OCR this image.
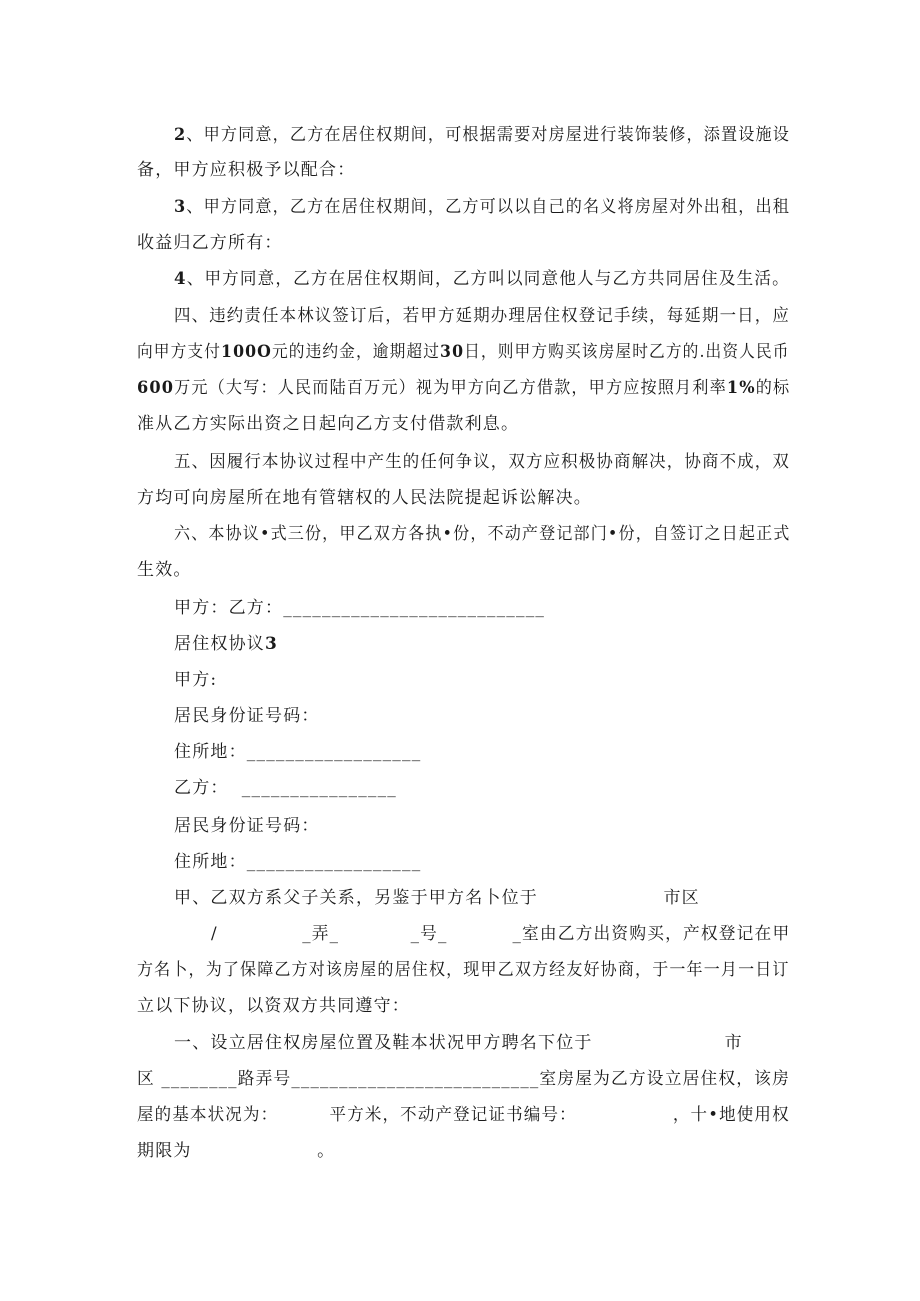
2、甲方同意，乙方在居住权期间，可根据需要对房屋进行装饰装修，添置设施设
备，甲方应积极予以配合：
3、甲方同意，乙方在居住权期间，乙方可以以自己的名义将房屋对外出租，出租
收益归乙方所有：
4、甲方同意，乙方在居住权期间，乙方叫以同意他人与乙方共同居住及生活。
四、违约责任本林议签订后，若甲方延期办理居住权登记手续，每延期一日，应
向甲方支付100O元的违约金，逾期超过30日，则甲方购买该房屋时乙方的.出资人民币
600万元（大写：人民而陆百万元）视为甲方向乙方借款，甲方应按照月利率1%的标
准从乙方实际出资之日起向乙方支付借款利息。
五、因履行本协议过程中产生的任何争议，双方应积极协商解决，协商不成，双
方均可向房屋所在地有管辖权的人民法院提起诉讼解决。
六、本协议•式三份，甲乙双方各执•份，不动产登记部门•份，自签订之日起正式
生效。
甲方：乙方：___________________________
居住权协议3
甲方:
居民身份证号码：
住所地：__________________
乙方：  ________________
居民身份证号码：
住所地：__________________
甲、乙双方系父子关系，另鉴于甲方名卜位于                   市区
/             _弄_           _号_          _室由乙方出资购买，产权登记在甲
方名卜，为了保障乙方对该房屋的居住权，现甲乙双方经友好协商，于一年一月一日订
立以下协议，以资双方共同遵守：
一、设立居住权房屋位置及鞋本状况甲方聘名下位于                    市
区 ________路弄号__________________________室房屋为乙方设立居住权，该房
屋的基本状况为：        平方米，不动产登记证书编号：               ，十•地使用权
期限为                   。
